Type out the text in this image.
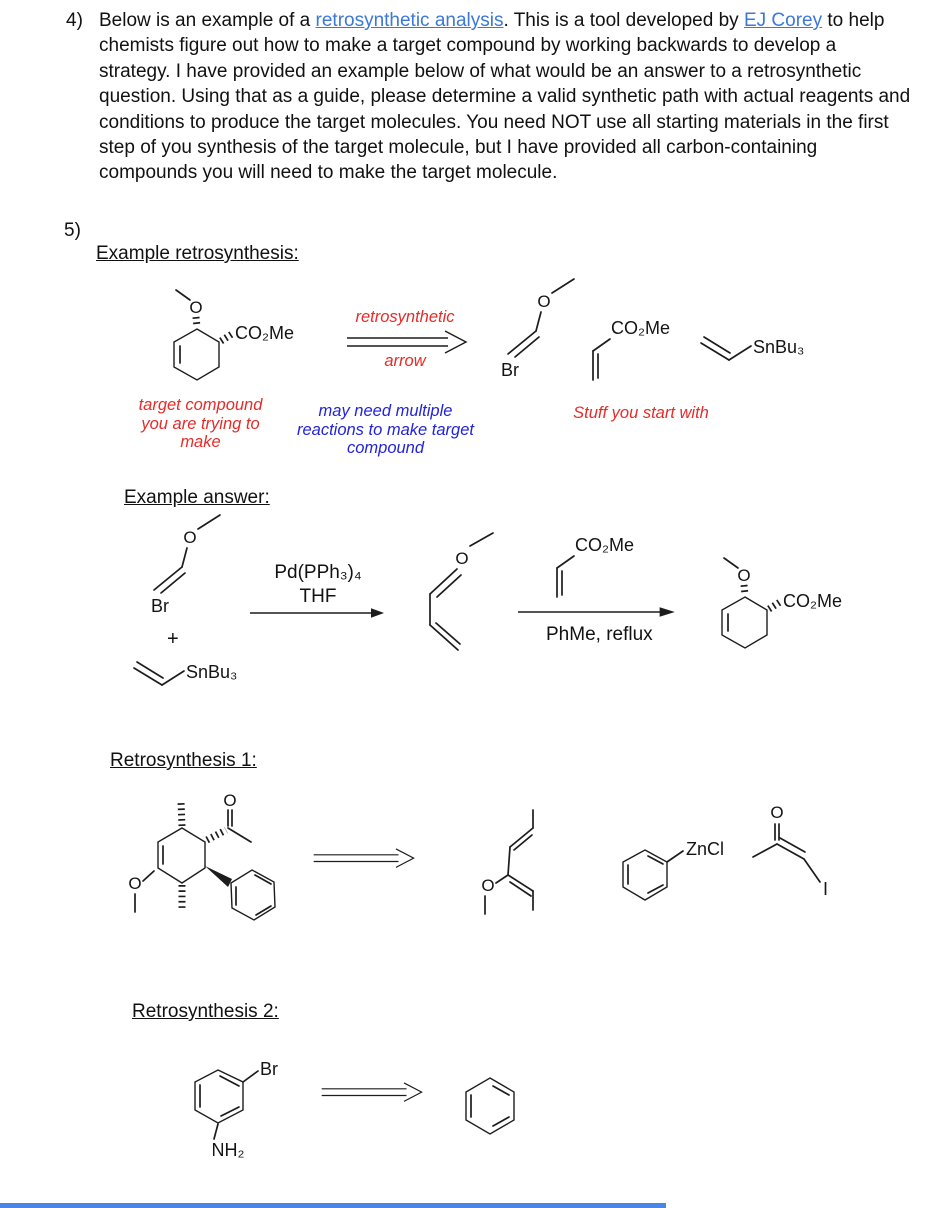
4) Below is an example of a retrosynthetic analysis. This is a tool developed by EJ Corey to help chemists figure out how to make a target compound by working backwards to develop a strategy. I have provided an example below of what would be an answer to a retrosynthetic question. Using that as a guide, please determine a valid synthetic path with actual reagents and conditions to produce the target molecules. You need NOT use all starting materials in the first step of you synthesis of the target molecule, but I have provided all carbon-containing compounds you will need to make the target molecule.
5)
Example retrosynthesis:
O
CO₂Me
retrosynthetic
arrow
O
Br
CO₂Me
SnBu₃
target compound
you are trying to
make
may need multiple
reactions to make target
compound
Stuff you start with
Example answer:
O
Br
+
SnBu₃
Pd(PPh₃)₄
THF
O
CO₂Me
PhMe, reflux
O
CO₂Me
Retrosynthesis 1:
O
O
O
ZnCl
O
I
Retrosynthesis 2:
Br
NH₂
